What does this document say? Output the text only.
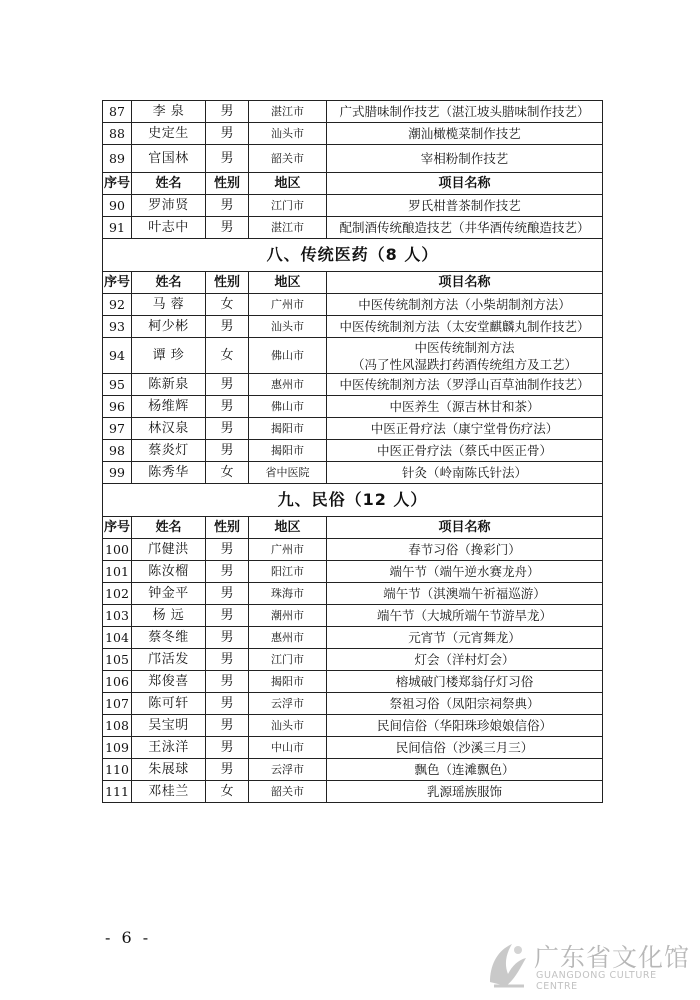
87	李 泉	男	湛江市	广式腊味制作技艺（湛江坡头腊味制作技艺）
88	史定生	男	汕头市	潮汕橄榄菜制作技艺
89	官国林	男	韶关市	宰相粉制作技艺
序号	姓名	性别	地区	项目名称
90	罗沛贤	男	江门市	罗氏柑普茶制作技艺
91	叶志中	男	湛江市	配制酒传统酿造技艺（井华酒传统酿造技艺）
八、传统医药（8 人）				
序号	姓名	性别	地区	项目名称
92	马 蓉	女	广州市	中医传统制剂方法（小柴胡制剂方法）
93	柯少彬	男	汕头市	中医传统制剂方法（太安堂麒麟丸制作技艺）
94	谭 珍	女	佛山市	中医传统制剂方法
（冯了性风湿跌打药酒传统组方及工艺）

95	陈新泉	男	惠州市	中医传统制剂方法（罗浮山百草油制作技艺）
96	杨维辉	男	佛山市	中医养生（源吉林甘和茶）
97	林汉泉	男	揭阳市	中医正骨疗法（康宁堂骨伤疗法）
98	蔡炎灯	男	揭阳市	中医正骨疗法（蔡氏中医正骨）
99	陈秀华	女	省中医院	针灸（岭南陈氏针法）
九、民俗（12 人）				
序号	姓名	性别	地区	项目名称
100	邝健洪	男	广州市	春节习俗（搀彩门）
101	陈汝榴	男	阳江市	端午节（端午逆水赛龙舟）
102	钟金平	男	珠海市	端午节（淇澳端午祈福巡游）
103	杨 远	男	潮州市	端午节（大城所端午节游旱龙）
104	蔡冬维	男	惠州市	元宵节（元宵舞龙）
105	邝活发	男	江门市	灯会（洋村灯会）
106	郑俊喜	男	揭阳市	榕城破门楼郑翁仔灯习俗
107	陈可轩	男	云浮市	祭祖习俗（凤阳宗祠祭典）
108	吴宝明	男	汕头市	民间信俗（华阳珠珍娘娘信俗）
109	王泳洋	男	中山市	民间信俗（沙溪三月三）
110	朱展球	男	云浮市	飘色（连滩飘色）
111	邓桂兰	女	韶关市	乳源瑶族服饰
- 6 -
广东省文化馆
GUANGDONG CULTURE CENTRE
